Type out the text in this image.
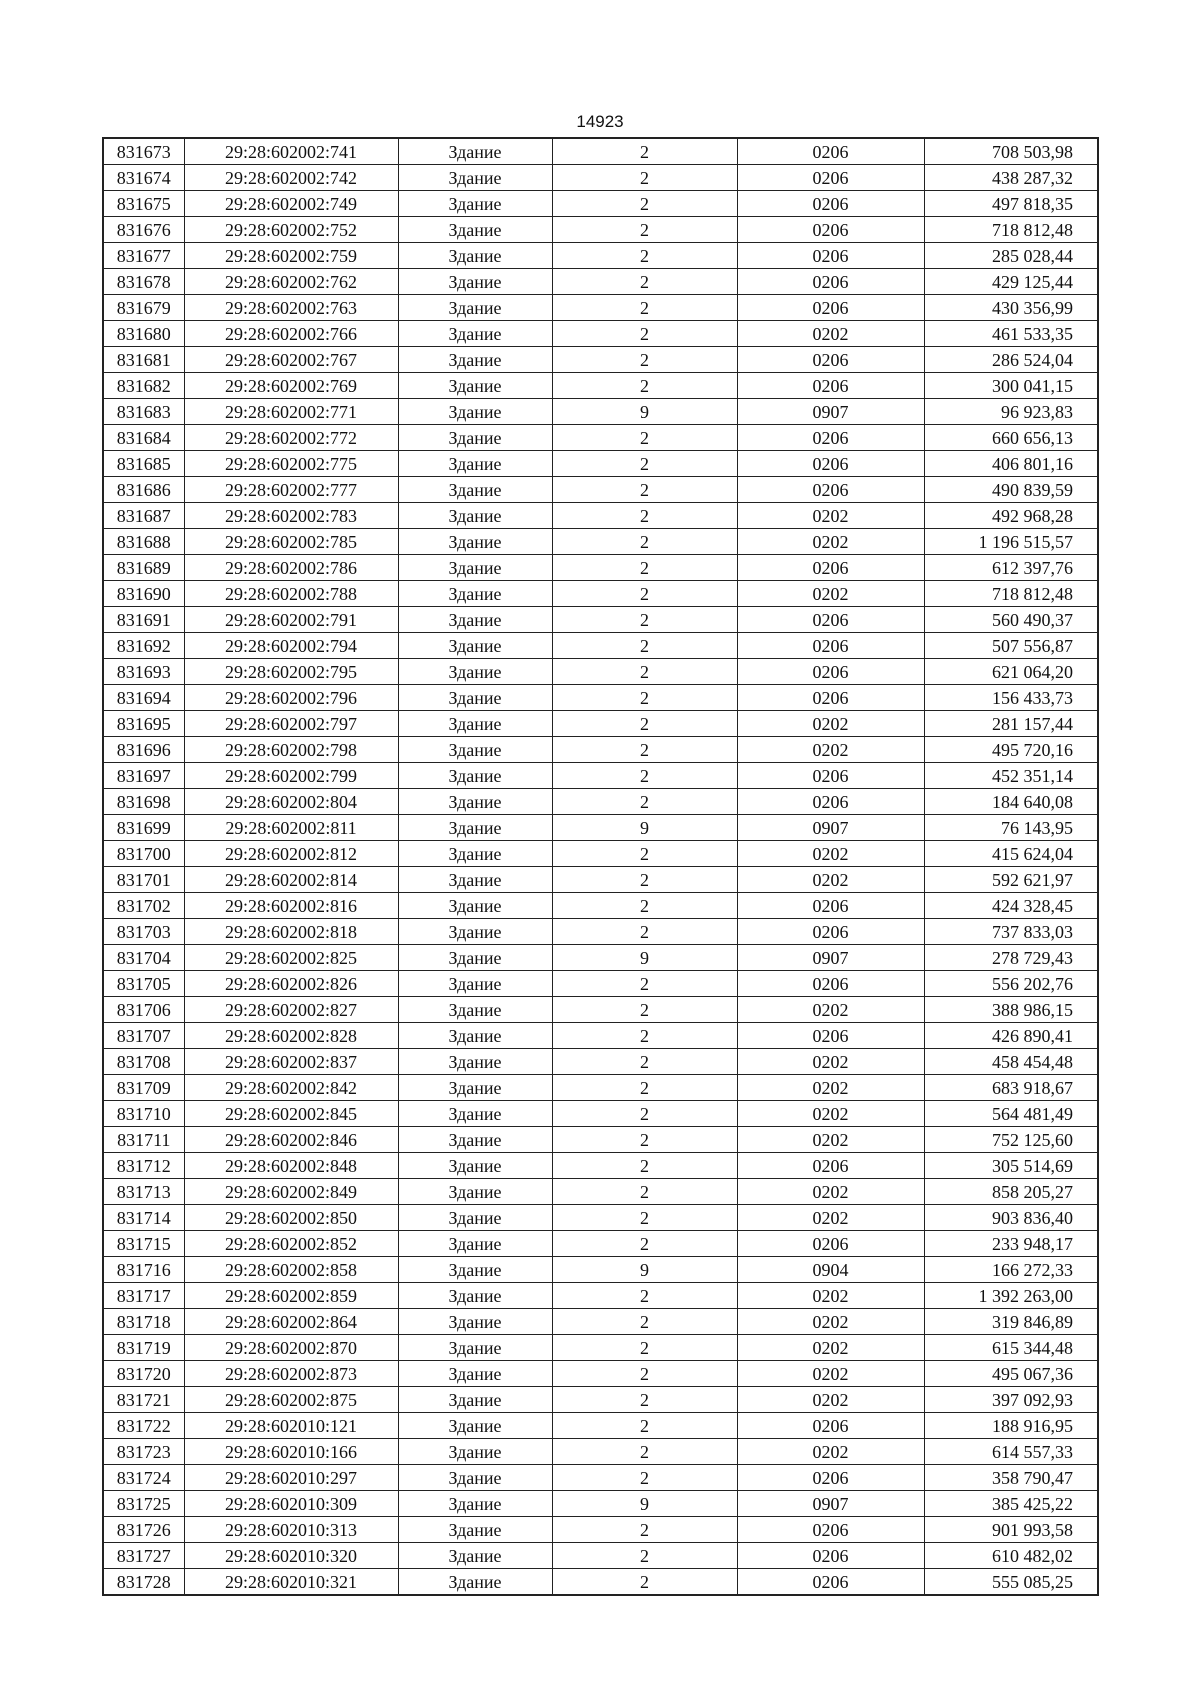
14923
831673	29:28:602002:741	Здание	2	0206	708 503,98
831674	29:28:602002:742	Здание	2	0206	438 287,32
831675	29:28:602002:749	Здание	2	0206	497 818,35
831676	29:28:602002:752	Здание	2	0206	718 812,48
831677	29:28:602002:759	Здание	2	0206	285 028,44
831678	29:28:602002:762	Здание	2	0206	429 125,44
831679	29:28:602002:763	Здание	2	0206	430 356,99
831680	29:28:602002:766	Здание	2	0202	461 533,35
831681	29:28:602002:767	Здание	2	0206	286 524,04
831682	29:28:602002:769	Здание	2	0206	300 041,15
831683	29:28:602002:771	Здание	9	0907	96 923,83
831684	29:28:602002:772	Здание	2	0206	660 656,13
831685	29:28:602002:775	Здание	2	0206	406 801,16
831686	29:28:602002:777	Здание	2	0206	490 839,59
831687	29:28:602002:783	Здание	2	0202	492 968,28
831688	29:28:602002:785	Здание	2	0202	1 196 515,57
831689	29:28:602002:786	Здание	2	0206	612 397,76
831690	29:28:602002:788	Здание	2	0202	718 812,48
831691	29:28:602002:791	Здание	2	0206	560 490,37
831692	29:28:602002:794	Здание	2	0206	507 556,87
831693	29:28:602002:795	Здание	2	0206	621 064,20
831694	29:28:602002:796	Здание	2	0206	156 433,73
831695	29:28:602002:797	Здание	2	0202	281 157,44
831696	29:28:602002:798	Здание	2	0202	495 720,16
831697	29:28:602002:799	Здание	2	0206	452 351,14
831698	29:28:602002:804	Здание	2	0206	184 640,08
831699	29:28:602002:811	Здание	9	0907	76 143,95
831700	29:28:602002:812	Здание	2	0202	415 624,04
831701	29:28:602002:814	Здание	2	0202	592 621,97
831702	29:28:602002:816	Здание	2	0206	424 328,45
831703	29:28:602002:818	Здание	2	0206	737 833,03
831704	29:28:602002:825	Здание	9	0907	278 729,43
831705	29:28:602002:826	Здание	2	0206	556 202,76
831706	29:28:602002:827	Здание	2	0202	388 986,15
831707	29:28:602002:828	Здание	2	0206	426 890,41
831708	29:28:602002:837	Здание	2	0202	458 454,48
831709	29:28:602002:842	Здание	2	0202	683 918,67
831710	29:28:602002:845	Здание	2	0202	564 481,49
831711	29:28:602002:846	Здание	2	0202	752 125,60
831712	29:28:602002:848	Здание	2	0206	305 514,69
831713	29:28:602002:849	Здание	2	0202	858 205,27
831714	29:28:602002:850	Здание	2	0202	903 836,40
831715	29:28:602002:852	Здание	2	0206	233 948,17
831716	29:28:602002:858	Здание	9	0904	166 272,33
831717	29:28:602002:859	Здание	2	0202	1 392 263,00
831718	29:28:602002:864	Здание	2	0202	319 846,89
831719	29:28:602002:870	Здание	2	0202	615 344,48
831720	29:28:602002:873	Здание	2	0202	495 067,36
831721	29:28:602002:875	Здание	2	0202	397 092,93
831722	29:28:602010:121	Здание	2	0206	188 916,95
831723	29:28:602010:166	Здание	2	0202	614 557,33
831724	29:28:602010:297	Здание	2	0206	358 790,47
831725	29:28:602010:309	Здание	9	0907	385 425,22
831726	29:28:602010:313	Здание	2	0206	901 993,58
831727	29:28:602010:320	Здание	2	0206	610 482,02
831728	29:28:602010:321	Здание	2	0206	555 085,25
